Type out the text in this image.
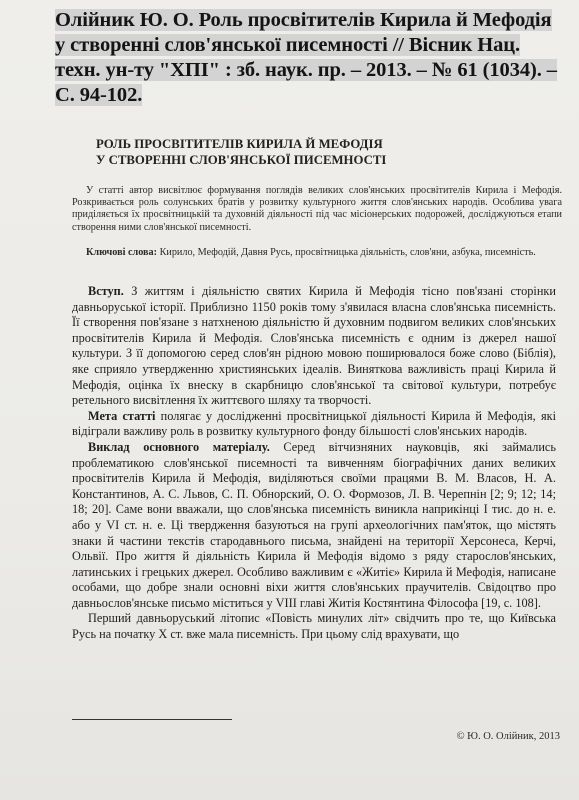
Олійник Ю. О. Роль просвітителів Кирила й Мефодія у створенні слов'янської писемності // Вісник Нац. техн. ун-ту "ХПІ" : зб. наук. пр. – 2013. – № 61 (1034). – С. 94-102.
РОЛЬ ПРОСВІТИТЕЛІВ КИРИЛА Й МЕФОДІЯ
У СТВОРЕННІ СЛОВ'ЯНСЬКОЇ ПИСЕМНОСТІ
У статті автор висвітлює формування поглядів великих слов'янських просвітителів Кирила і Мефодія. Розкривається роль солунських братів у розвитку культурного життя слов'янських народів. Особлива увага приділяється їх просвітницькій та духовній діяльності під час місіонерських подорожей, досліджуються етапи створення ними слов'янської писемності.
Ключові слова: Кирило, Мефодій, Давня Русь, просвітницька діяльність, слов'яни, азбука, писемність.

Вступ. З життям і діяльністю святих Кирила й Мефодія тісно пов'язані сторінки давньоруської історії. Приблизно 1150 років тому з'явилася власна слов'янська писемність. Її створення пов'язане з натхненою діяльністю й духовним подвигом великих слов'янських просвітителів Кирила й Мефодія. Слов'янська писемність є одним із джерел нашої культури. З її допомогою серед слов'ян рідною мовою поширювалося боже слово (Біблія), яке сприяло утвердженню християнських ідеалів. Виняткова важливість праці Кирила й Мефодія, оцінка їх внеску в скарбницю слов'янської та світової культури, потребує ретельного висвітлення їх життєвого шляху та творчості.

Мета статті полягає у дослідженні просвітницької діяльності Кирила й Мефодія, які відіграли важливу роль в розвитку культурного фонду більшості слов'янських народів.

Виклад основного матеріалу. Серед вітчизняних науковців, які займались проблематикою слов'янської писемності та вивченням біографічних даних великих просвітителів Кирила й Мефодія, виділяються своїми працями В. М. Власов, Н. А. Константинов, А. С. Львов, С. П. Обнорский, О. О. Формозов, Л. В. Черепнін [2; 9; 12; 14; 18; 20]. Саме вони вважали, що слов'янська писемність виникла наприкінці І тис. до н. е. або у VI ст. н. е. Ці твердження базуються на групі археологічних пам'яток, що містять знаки й частини текстів стародавнього письма, знайдені на території Херсонеса, Керчі, Ольвії. Про життя й діяльність Кирила й Мефодія відомо з ряду старослов'янських, латинських і грецьких джерел. Особливо важливим є «Житіє» Кирила й Мефодія, написане особами, що добре знали основні віхи життя слов'янських праучителів. Свідоцтво про давньослов'янське письмо міститься у VIII главі Житія Костянтина Філософа [19, с. 108].

Перший давньоруський літопис «Повість минулих літ» свідчить про те, що Київська Русь на початку Х ст. вже мала писемність. При цьому слід врахувати, що

© Ю. О. Олійник, 2013
